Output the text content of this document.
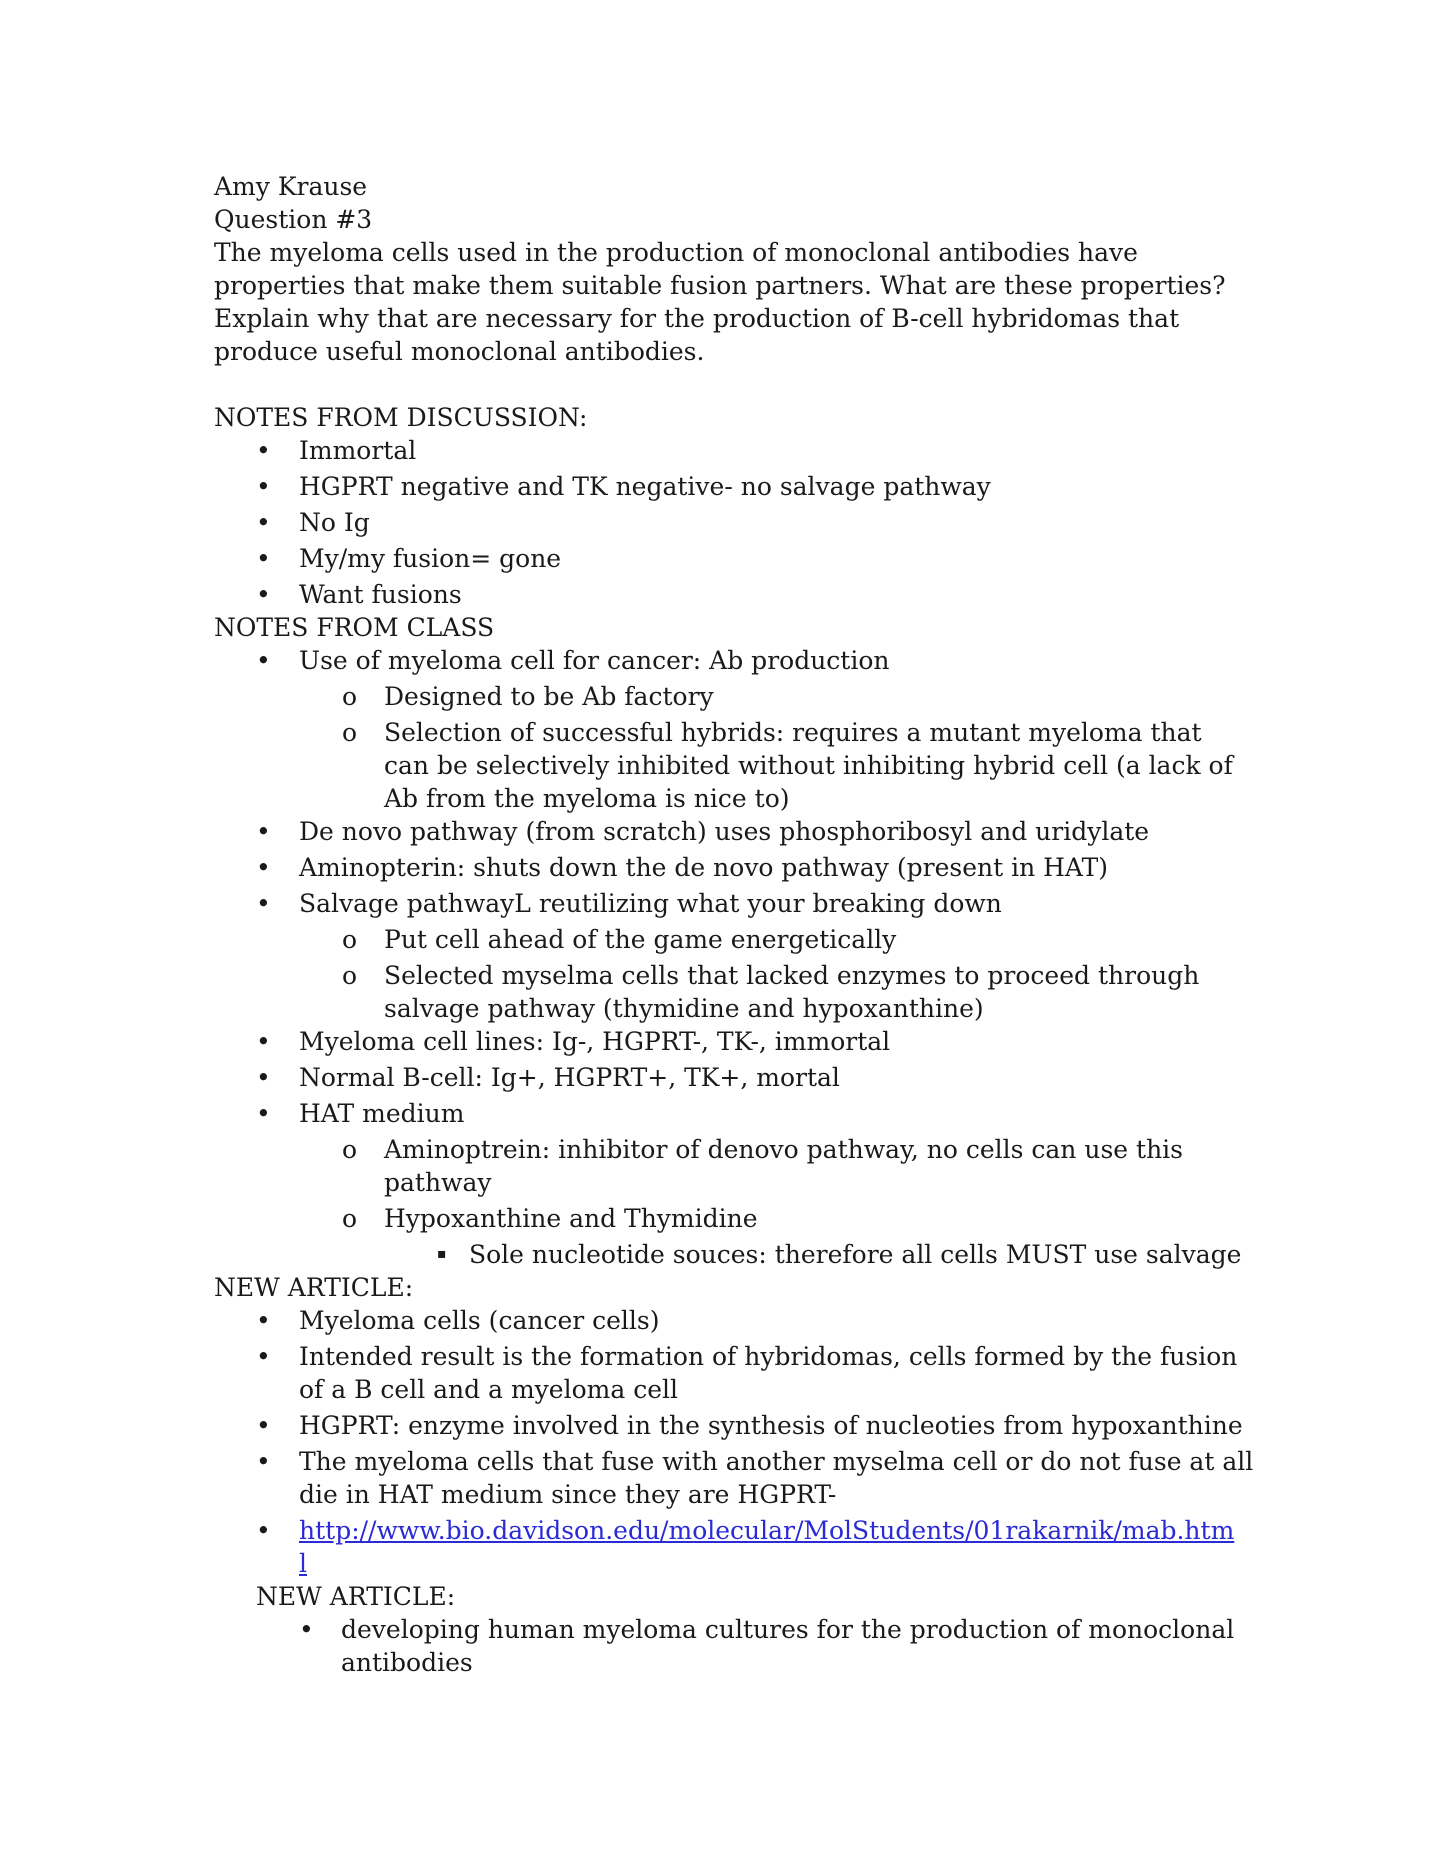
Amy Krause
Question #3
The myeloma cells used in the production of monoclonal antibodies have properties that make them suitable fusion partners. What are these properties? Explain why that are necessary for the production of B-cell hybridomas that produce useful monoclonal antibodies.
NOTES FROM DISCUSSION:
• Immortal
• HGPRT negative and TK negative- no salvage pathway
• No Ig
• My/my fusion= gone
• Want fusions
NOTES FROM CLASS
• Use of myeloma cell for cancer: Ab production
o Designed to be Ab factory
o Selection of successful hybrids: requires a mutant myeloma that can be selectively inhibited without inhibiting hybrid cell (a lack of Ab from the myeloma is nice to)
• De novo pathway (from scratch) uses phosphoribosyl and uridylate
• Aminopterin: shuts down the de novo pathway (present in HAT)
• Salvage pathwayL reutilizing what your breaking down
o Put cell ahead of the game energetically
o Selected myselma cells that lacked enzymes to proceed through salvage pathway (thymidine and hypoxanthine)
• Myeloma cell lines: Ig-, HGPRT-, TK-, immortal
• Normal B-cell: Ig+, HGPRT+, TK+, mortal
• HAT medium
o Aminoptrein: inhibitor of denovo pathway, no cells can use this pathway
o Hypoxanthine and Thymidine
▪ Sole nucleotide souces: therefore all cells MUST use salvage
NEW ARTICLE:
• Myeloma cells (cancer cells)
• Intended result is the formation of hybridomas, cells formed by the fusion of a B cell and a myeloma cell
• HGPRT: enzyme involved in the synthesis of nucleoties from hypoxanthine
• The myeloma cells that fuse with another myselma cell or do not fuse at all die in HAT medium since they are HGPRT-
• http://www.bio.davidson.edu/molecular/MolStudents/01rakarnik/mab.htm
l
NEW ARTICLE:
• developing human myeloma cultures for the production of monoclonal antibodies
